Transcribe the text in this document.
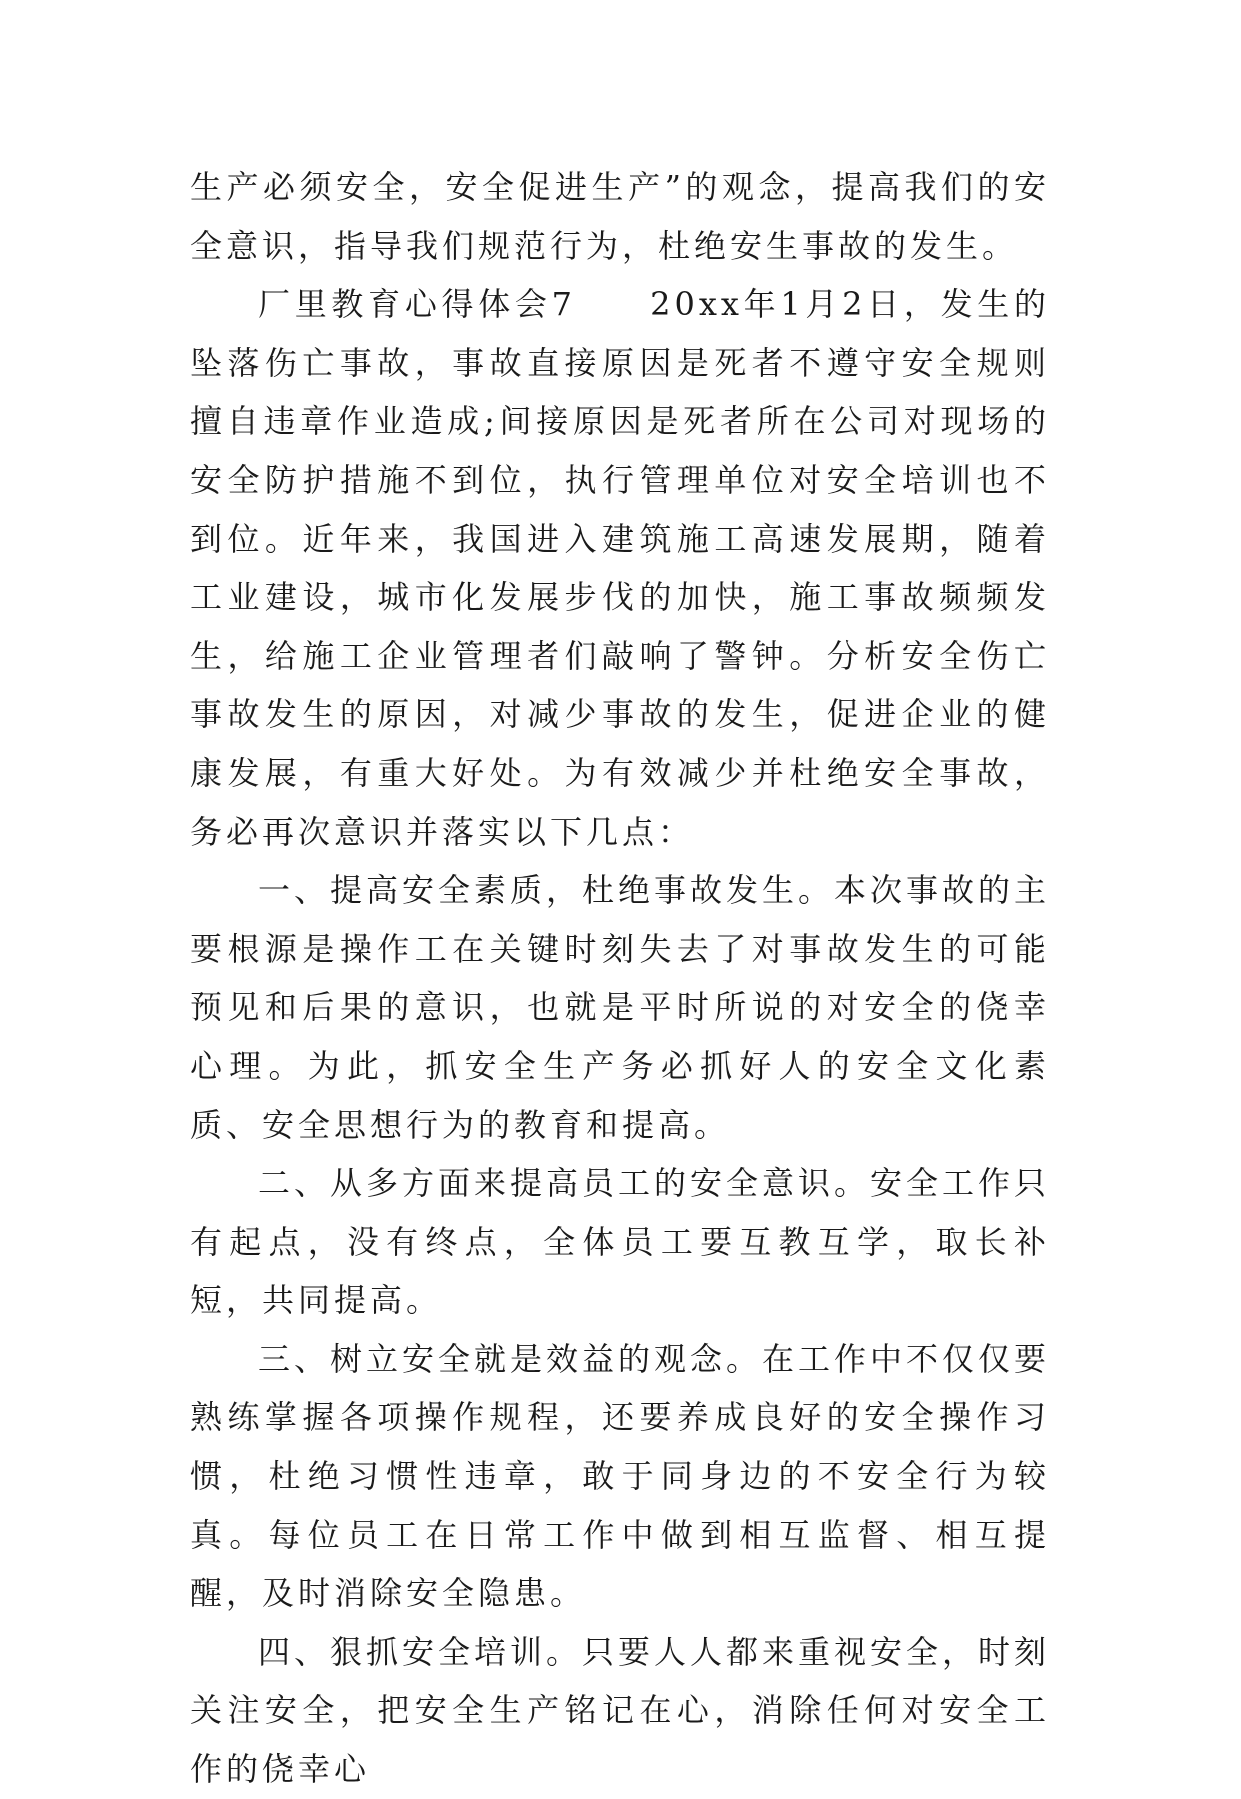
生产必须安全，安全促进生产”的观念，提高我们的安全意识，指导我们规范行为，杜绝安生事故的发生。

厂里教育心得体会7　　20xx年1月2日，发生的坠落伤亡事故，事故直接原因是死者不遵守安全规则擅自违章作业造成;间接原因是死者所在公司对现场的安全防护措施不到位，执行管理单位对安全培训也不到位。近年来，我国进入建筑施工高速发展期，随着工业建设，城市化发展步伐的加快，施工事故频频发生，给施工企业管理者们敲响了警钟。分析安全伤亡事故发生的原因，对减少事故的发生，促进企业的健康发展，有重大好处。为有效减少并杜绝安全事故，务必再次意识并落实以下几点：

一、提高安全素质，杜绝事故发生。本次事故的主要根源是操作工在关键时刻失去了对事故发生的可能预见和后果的意识，也就是平时所说的对安全的侥幸心理。为此，抓安全生产务必抓好人的安全文化素质、安全思想行为的教育和提高。

二、从多方面来提高员工的安全意识。安全工作只有起点，没有终点，全体员工要互教互学，取长补短，共同提高。

三、树立安全就是效益的观念。在工作中不仅仅要熟练掌握各项操作规程，还要养成良好的安全操作习惯，杜绝习惯性违章，敢于同身边的不安全行为较真。每位员工在日常工作中做到相互监督、相互提醒，及时消除安全隐患。

四、狠抓安全培训。只要人人都来重视安全，时刻关注安全，把安全生产铭记在心，消除任何对安全工作的侥幸心
